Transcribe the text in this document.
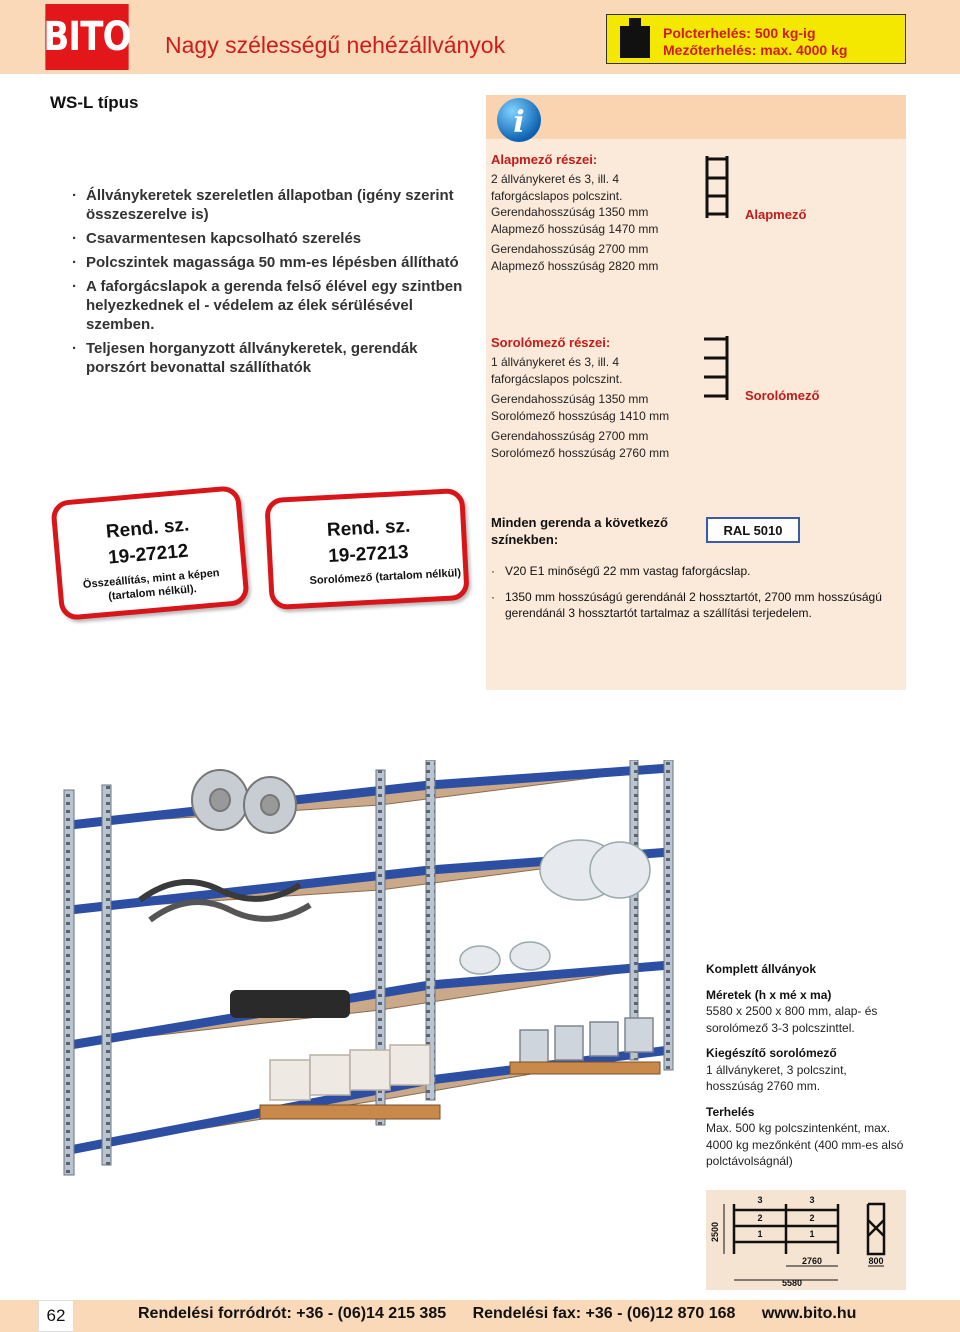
BITO Nagy szélességű nehézállványok	Polcterhelés: 500 kg-ig
Mezőterhelés: max. 4000 kg
WS-L típus
· Állványkeretek szereletlen állapotban (igény szerint összeszerelve is)
· Csavarmentesen kapcsolható szerelés
· Polcszintek magassága 50 mm-es lépésben állítható
· A faforgácslapok a gerenda felső élével egy szintben helyezkednek el - védelem az élek sérülésével szemben.
· Teljesen horganyzott állványkeretek, gerendák porszórt bevonattal szállíthatók
i
Alapmező részei:
2 állványkeret és 3, ill. 4 faforgácslapos polcszint.
Gerendahosszúság 1350 mm
Alapmező hosszúság 1470 mm
Gerendahosszúság 2700 mm
Alapmező hosszúság 2820 mm
Sorolómező részei:
1 állványkeret és 3, ill. 4 faforgácslapos polcszint.
Gerendahosszúság 1350 mm
Sorolómező hosszúság 1410 mm
Gerendahosszúság 2700 mm
Sorolómező hosszúság 2760 mm
Alapmező
Sorolómező
Rend. sz.
19-27212
Összeállítás, mint a képen (tartalom nélkül).
Rend. sz.
19-27213
Sorolómező (tartalom nélkül)
Minden gerenda a következő színekben:
RAL 5010
·   V20 E1 minőségű 22 mm vastag faforgácslap.
·   1350 mm hosszúságú gerendánál 2 hossztartót, 2700 mm hosszúságú gerendánál 3 hossztartót tartalmaz a szállítási terjedelem.
Komplett állványok
Méretek (h x mé x ma)
5580 x 2500 x 800 mm, alap- és sorolómező 3-3 polcszinttel.
Kiegészítő sorolómező
1 állványkeret, 3 polcszint, hosszúság 2760 mm.
Terhelés
Max. 500 kg polcszintenként, max. 4000 kg mezőnként (400 mm-es alsó polctávolságnál)
2500
3	3
2	2
1	1
2760
5580
800
62	Rendelési forródrót: +36 - (06)14 215 385 Rendelési fax: +36 - (06)12 870 168 www.bito.hu
